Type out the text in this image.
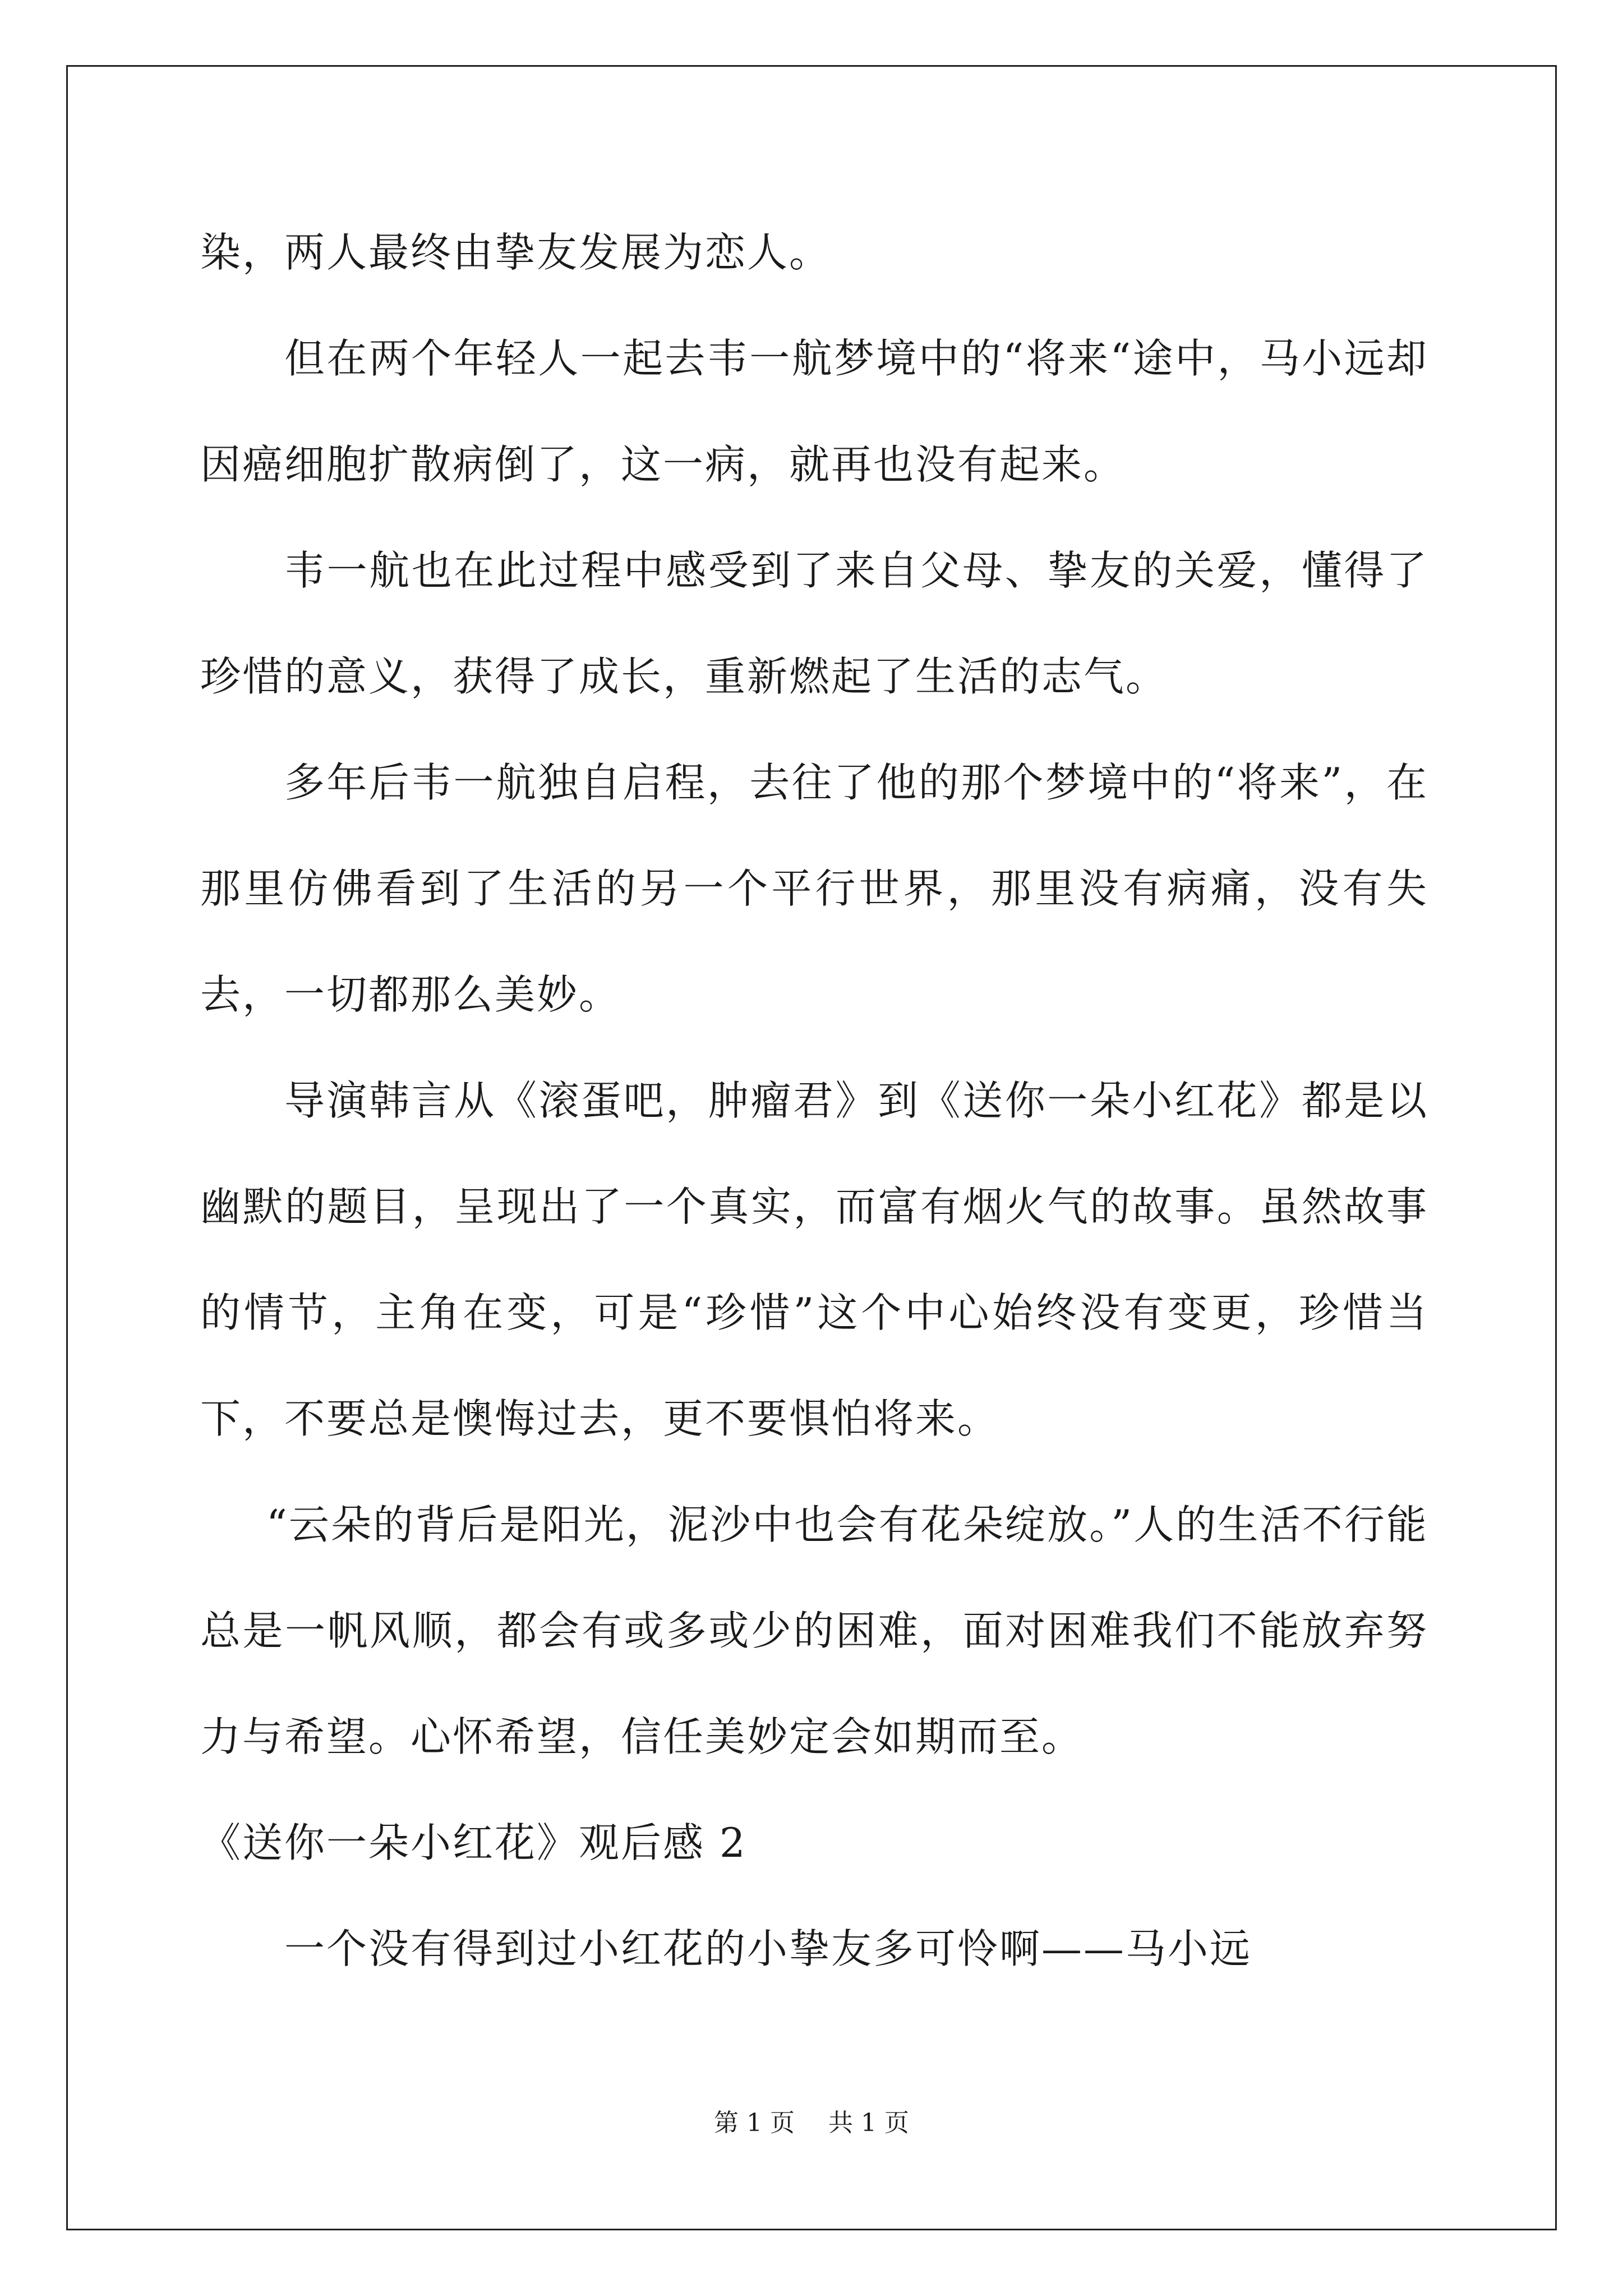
染，两人最终由挚友发展为恋人。

但在两个年轻人一起去韦一航梦境中的“将来“途中，马小远却因癌细胞扩散病倒了，这一病，就再也没有起来。

韦一航也在此过程中感受到了来自父母、挚友的关爱，懂得了珍惜的意义，获得了成长，重新燃起了生活的志气。

多年后韦一航独自启程，去往了他的那个梦境中的“将来”，在那里仿佛看到了生活的另一个平行世界，那里没有病痛，没有失去，一切都那么美妙。

导演韩言从《滚蛋吧，肿瘤君》到《送你一朵小红花》都是以幽默的题目，呈现出了一个真实，而富有烟火气的故事。虽然故事的情节，主角在变，可是“珍惜”这个中心始终没有变更，珍惜当下，不要总是懊悔过去，更不要惧怕将来。

“云朵的背后是阳光，泥沙中也会有花朵绽放。”人的生活不行能总是一帆风顺，都会有或多或少的困难，面对困难我们不能放弃努力与希望。心怀希望，信任美妙定会如期而至。

《送你一朵小红花》观后感 2

一个没有得到过小红花的小挚友多可怜啊——马小远

第 1 页 共 1 页
